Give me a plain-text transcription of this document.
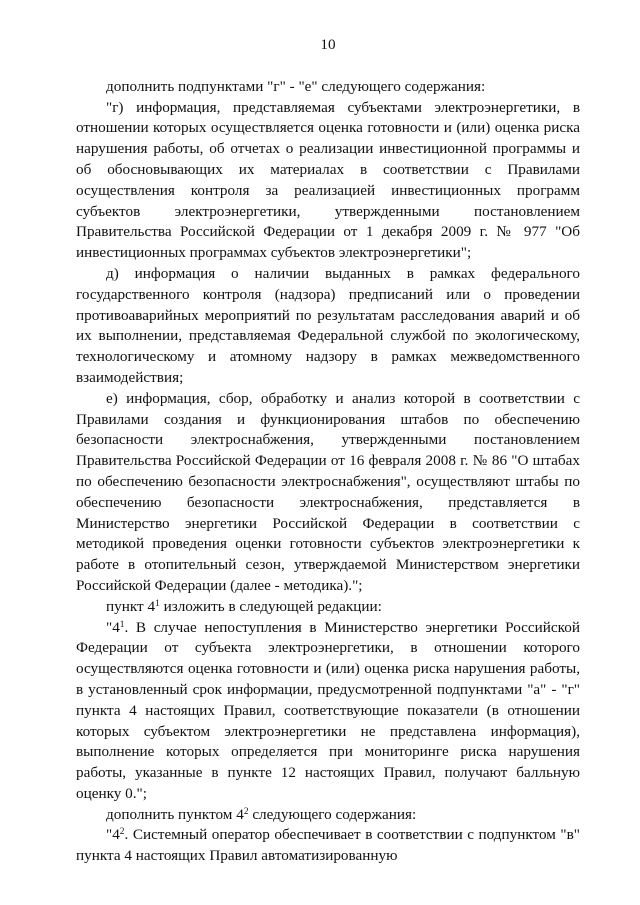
10

дополнить подпунктами "г" - "е" следующего содержания:

"г) информация, представляемая субъектами электроэнергетики, в отношении которых осуществляется оценка готовности и (или) оценка риска нарушения работы, об отчетах о реализации инвестиционной программы и об обосновывающих их материалах в соответствии с Правилами осуществления контроля за реализацией инвестиционных программ субъектов электроэнергетики, утвержденными постановлением Правительства Российской Федерации от 1 декабря 2009 г. № 977 "Об инвестиционных программах субъектов электроэнергетики";

д) информация о наличии выданных в рамках федерального государственного контроля (надзора) предписаний или о проведении противоаварийных мероприятий по результатам расследования аварий и об их выполнении, представляемая Федеральной службой по экологическому, технологическому и атомному надзору в рамках межведомственного взаимодействия;

е) информация, сбор, обработку и анализ которой в соответствии с Правилами создания и функционирования штабов по обеспечению безопасности электроснабжения, утвержденными постановлением Правительства Российской Федерации от 16 февраля 2008 г. № 86 "О штабах по обеспечению безопасности электроснабжения", осуществляют штабы по обеспечению безопасности электроснабжения, представляется в Министерство энергетики Российской Федерации в соответствии с методикой проведения оценки готовности субъектов электроэнергетики к работе в отопительный сезон, утверждаемой Министерством энергетики Российской Федерации (далее - методика).";

пункт $4^1$ изложить в следующей редакции:

"$4^1$. В случае непоступления в Министерство энергетики Российской Федерации от субъекта электроэнергетики, в отношении которого осуществляются оценка готовности и (или) оценка риска нарушения работы, в установленный срок информации, предусмотренной подпунктами "а" - "г" пункта 4 настоящих Правил, соответствующие показатели (в отношении которых субъектом электроэнергетики не представлена информация), выполнение которых определяется при мониторинге риска нарушения работы, указанные в пункте 12 настоящих Правил, получают балльную оценку 0.";

дополнить пунктом $4^2$ следующего содержания:

"$4^2$. Системный оператор обеспечивает в соответствии с подпунктом "в" пункта 4 настоящих Правил автоматизированную
